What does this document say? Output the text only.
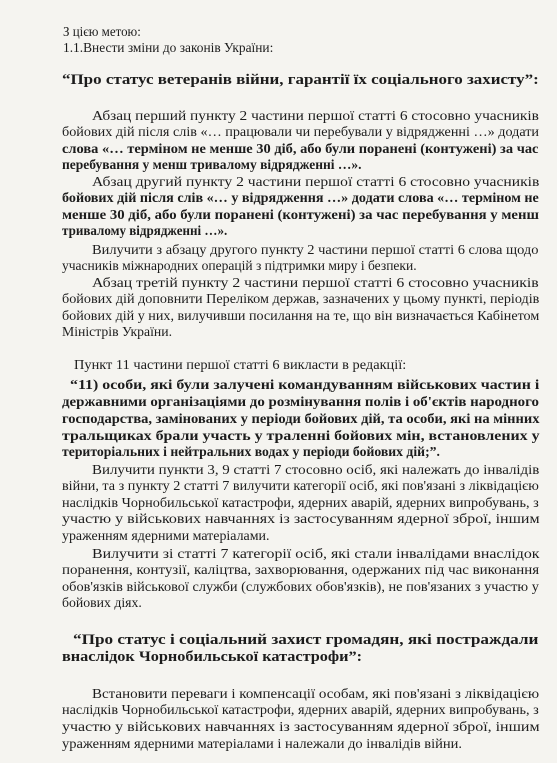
З цією метою:
1.1.Внести зміни до законів України:
“Про статус ветеранів війни, гарантії їх соціального захисту”:
Абзац перший пункту 2 частини першої статті 6 стосовно учасників
бойових дій після слів «… працювали чи перебували у відрядженні …» додати
слова «… терміном не менше 30 діб, або були поранені (контужені) за час
перебування у менш тривалому відрядженні …».
Абзац другий пункту 2 частини першої статті 6 стосовно учасників
бойових дій після слів «… у відрядження …» додати слова «… терміном не
менше 30 діб, або були поранені (контужені) за час перебування у менш
тривалому відрядженні …».
Вилучити з абзацу другого пункту 2 частини першої статті 6 слова щодо
учасників міжнародних операцій з підтримки миру і безпеки.
Абзац третій пункту 2 частини першої статті 6 стосовно учасників
бойових дій доповнити Переліком держав, зазначених у цьому пункті, періодів
бойових дій у них, вилучивши посилання на те, що він визначається Кабінетом
Міністрів України.
Пункт 11 частини першої статті 6 викласти в редакції:
“11) особи, які були залучені командуванням військових частин і
державними організаціями до розмінування полів і об'єктів народного
господарства, замінованих у періоди бойових дій, та особи, які на мінних
тральщиках брали участь у траленні бойових мін, встановлених у
територіальних і нейтральних водах у періоди бойових дій;”.
Вилучити пункти 3, 9 статті 7 стосовно осіб, які належать до інвалідів
війни, та з пункту 2 статті 7 вилучити категорії осіб, які пов'язані з ліквідацією
наслідків Чорнобильської катастрофи, ядерних аварій, ядерних випробувань, з
участю у військових навчаннях із застосуванням ядерної зброї, іншим
ураженням ядерними матеріалами.
Вилучити зі статті 7 категорії осіб, які стали інвалідами внаслідок
поранення, контузії, каліцтва, захворювання, одержаних під час виконання
обов'язків військової служби (службових обов'язків), не пов'язаних з участю у
бойових діях.
“Про статус і соціальний захист громадян, які постраждали
внаслідок Чорнобильської катастрофи”:
Встановити переваги і компенсації особам, які пов'язані з ліквідацією
наслідків Чорнобильської катастрофи, ядерних аварій, ядерних випробувань, з
участю у військових навчаннях із застосуванням ядерної зброї, іншим
ураженням ядерними матеріалами і належали до інвалідів війни.
